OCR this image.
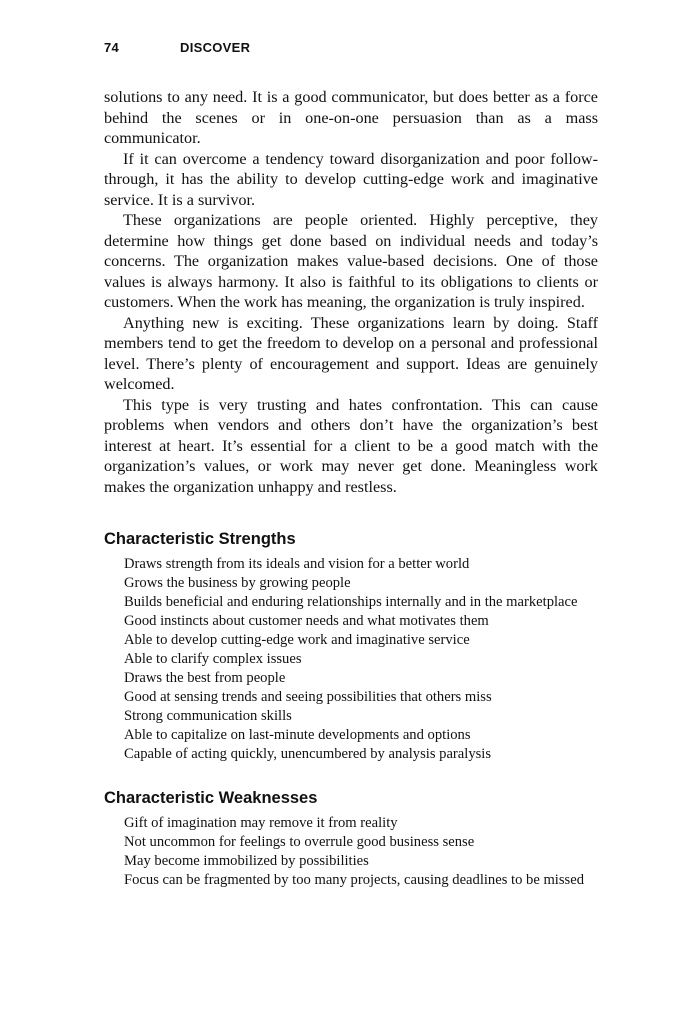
74	DISCOVER

solutions to any need. It is a good communicator, but does better as a force behind the scenes or in one-on-one persuasion than as a mass communicator.

If it can overcome a tendency toward disorganization and poor follow-through, it has the ability to develop cutting-edge work and imaginative service. It is a survivor.

These organizations are people oriented. Highly perceptive, they determine how things get done based on individual needs and today’s concerns. The organization makes value-based decisions. One of those values is always harmony. It also is faithful to its obligations to clients or customers. When the work has meaning, the organization is truly inspired.

Anything new is exciting. These organizations learn by doing. Staff members tend to get the freedom to develop on a personal and professional level. There’s plenty of encouragement and support. Ideas are genuinely welcomed.

This type is very trusting and hates confrontation. This can cause problems when vendors and others don’t have the organization’s best interest at heart. It’s essential for a client to be a good match with the organization’s values, or work may never get done. Meaningless work makes the organization unhappy and restless.

Characteristic Strengths
Draws strength from its ideals and vision for a better world
Grows the business by growing people
Builds beneficial and enduring relationships internally and in the marketplace
Good instincts about customer needs and what motivates them
Able to develop cutting-edge work and imaginative service
Able to clarify complex issues
Draws the best from people
Good at sensing trends and seeing possibilities that others miss
Strong communication skills
Able to capitalize on last-minute developments and options
Capable of acting quickly, unencumbered by analysis paralysis
Characteristic Weaknesses
Gift of imagination may remove it from reality
Not uncommon for feelings to overrule good business sense
May become immobilized by possibilities
Focus can be fragmented by too many projects, causing deadlines to be missed
